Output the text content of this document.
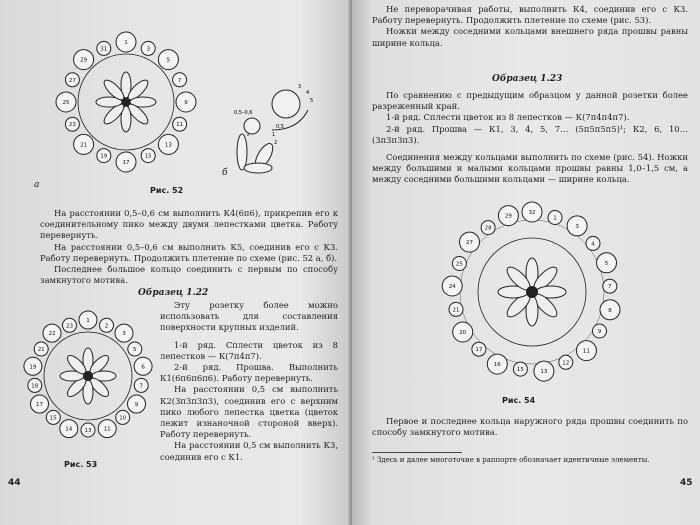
1
3
5
7
9
11
13
15
17
19
21
23
25
27
29
31
а
0,5–0,6
0,5
1
2
3
4
5
б
Рис. 52
На расстоянии 0,5–0,6 см выполнить К4(6п6), прикрепив его к соединительному пико между двумя лепестками цветка. Работу перевернуть.
На расстоянии 0,5–0,6 см выполнить К5, соединив его с К3. Работу перевернуть. Продолжить плетение по схеме (рис. 52 а, б).
Последнее большое кольцо соединить с первым по способу замкнутого мотива.
Образец 1.22
1
2
3
5
6
7
9
10
11
13
14
15
17
18
19
21
22
23
Рис. 53
Эту розетку более можно использовать для составления поверхности крупных изделий.
1-й ряд. Сплести цветок из 8 лепестков — К(7п4п7).
2-й ряд. Прошва. Выполнить К1(6п6п6п6). Работу перевернуть.
На расстоянии 0,5 см выполнить К2(3п3п3п3), соединив его с верхним пико любого лепестка цветка (цветок лежит изнаночной стороной вверх). Работу перевернуть.
На расстоянии 0,5 см выполнить К3, соединив его с К1.
44
Не переворачивая работы, выполнить К4, соединив его с К3. Работу перевернуть. Продолжить плетение по схеме (рис. 53).
Ножки между соседними кольцами внешнего ряда прошвы равны ширине кольца.
Образец 1.23
По сравнению с предыдущим образцом у данной розетки более разреженный край.
1-й ряд. Сплести цветок из 8 лепестков — К(7п4п4п7).
2-й ряд. Прошва — К1, 3, 4, 5, 7… (5п5п5п5)¹; К2, 6, 10… (3п3п3п3).
Соединения между кольцами выполнить по схеме (рис. 54). Ножки между большими и малыми кольцами прошвы равны 1,0–1,5 см, а между соседними большими кольцами — ширине кольца.
32
1
3
4
5
7
8
9
11
12
13
15
16
17
20
21
24
25
27
28
29
Рис. 54
Первое и последнее кольца наружного ряда прошвы соединить по способу замкнутого мотива.
¹ Здесь и далее многоточие в раппорте обозначает идентичные элементы.
45
